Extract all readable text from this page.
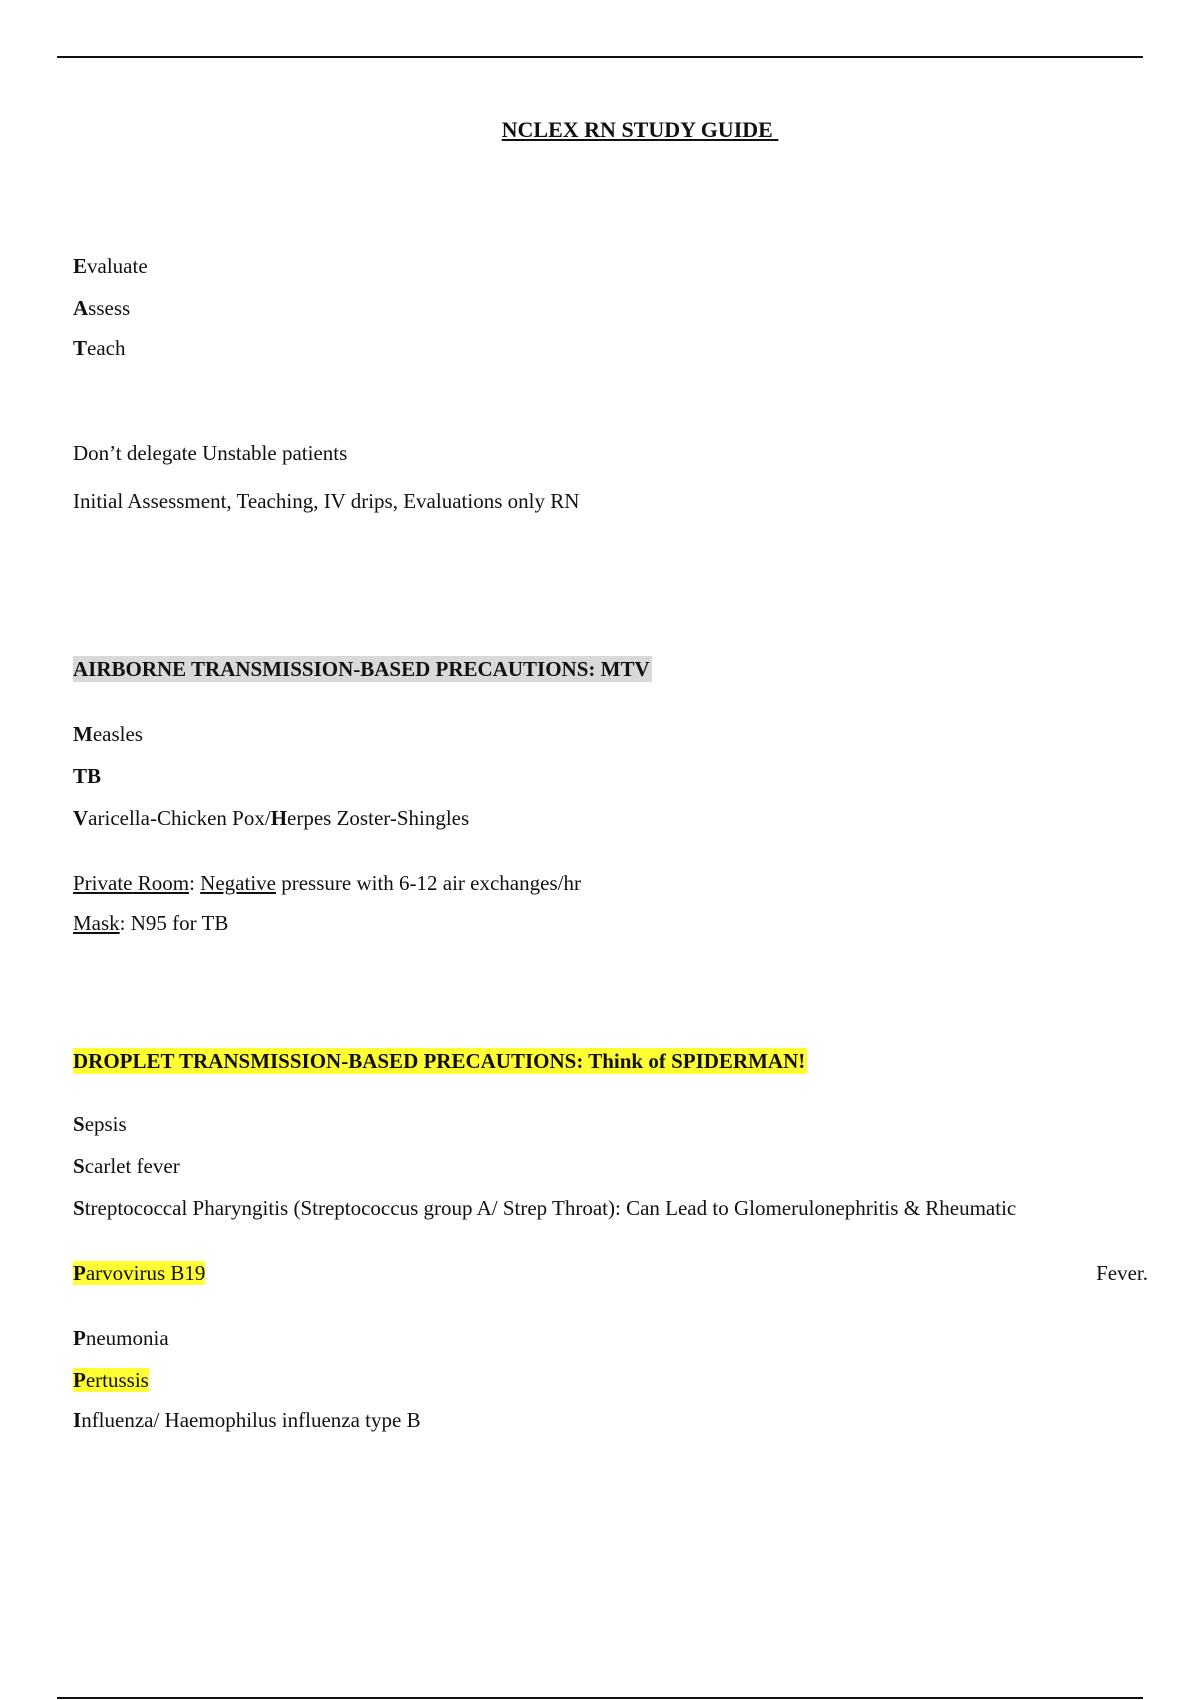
NCLEX RN STUDY GUIDE
Evaluate
Assess
Teach
Don’t delegate Unstable patients
Initial Assessment, Teaching, IV drips, Evaluations only RN
AIRBORNE TRANSMISSION-BASED PRECAUTIONS: MTV
Measles
TB
Varicella-Chicken Pox/Herpes Zoster-Shingles
Private Room: Negative pressure with 6-12 air exchanges/hr
Mask: N95 for TB
DROPLET TRANSMISSION-BASED PRECAUTIONS: Think of SPIDERMAN!
Sepsis
Scarlet fever
Streptococcal Pharyngitis (Streptococcus group A/ Strep Throat): Can Lead to Glomerulonephritis & Rheumatic
Parvovirus B19	Fever.
Pneumonia
Pertussis
Influenza/ Haemophilus influenza type B
